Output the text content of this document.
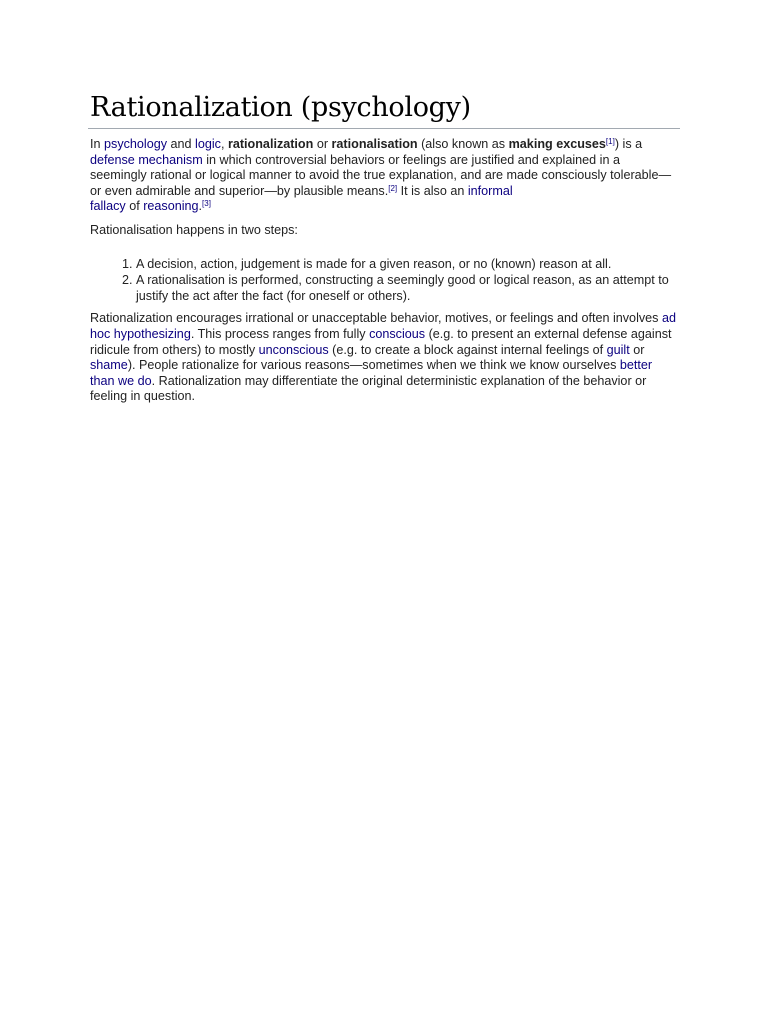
Rationalization (psychology)

In psychology and logic, rationalization or rationalisation (also known as making excuses[1]) is a defense mechanism in which controversial behaviors or feelings are justified and explained in a seemingly rational or logical manner to avoid the true explanation, and are made consciously tolerable—or even admirable and superior—by plausible means.[2] It is also an informal
fallacy of reasoning.[3]

Rationalisation happens in two steps:

1. A decision, action, judgement is made for a given reason, or no (known) reason at all.
2. A rationalisation is performed, constructing a seemingly good or logical reason, as an attempt to justify the act after the fact (for oneself or others).

Rationalization encourages irrational or unacceptable behavior, motives, or feelings and often involves ad hoc hypothesizing. This process ranges from fully conscious (e.g. to present an external defense against ridicule from others) to mostly unconscious (e.g. to create a block against internal feelings of guilt or shame). People rationalize for various reasons—sometimes when we think we know ourselves better than we do. Rationalization may differentiate the original deterministic explanation of the behavior or feeling in question.
